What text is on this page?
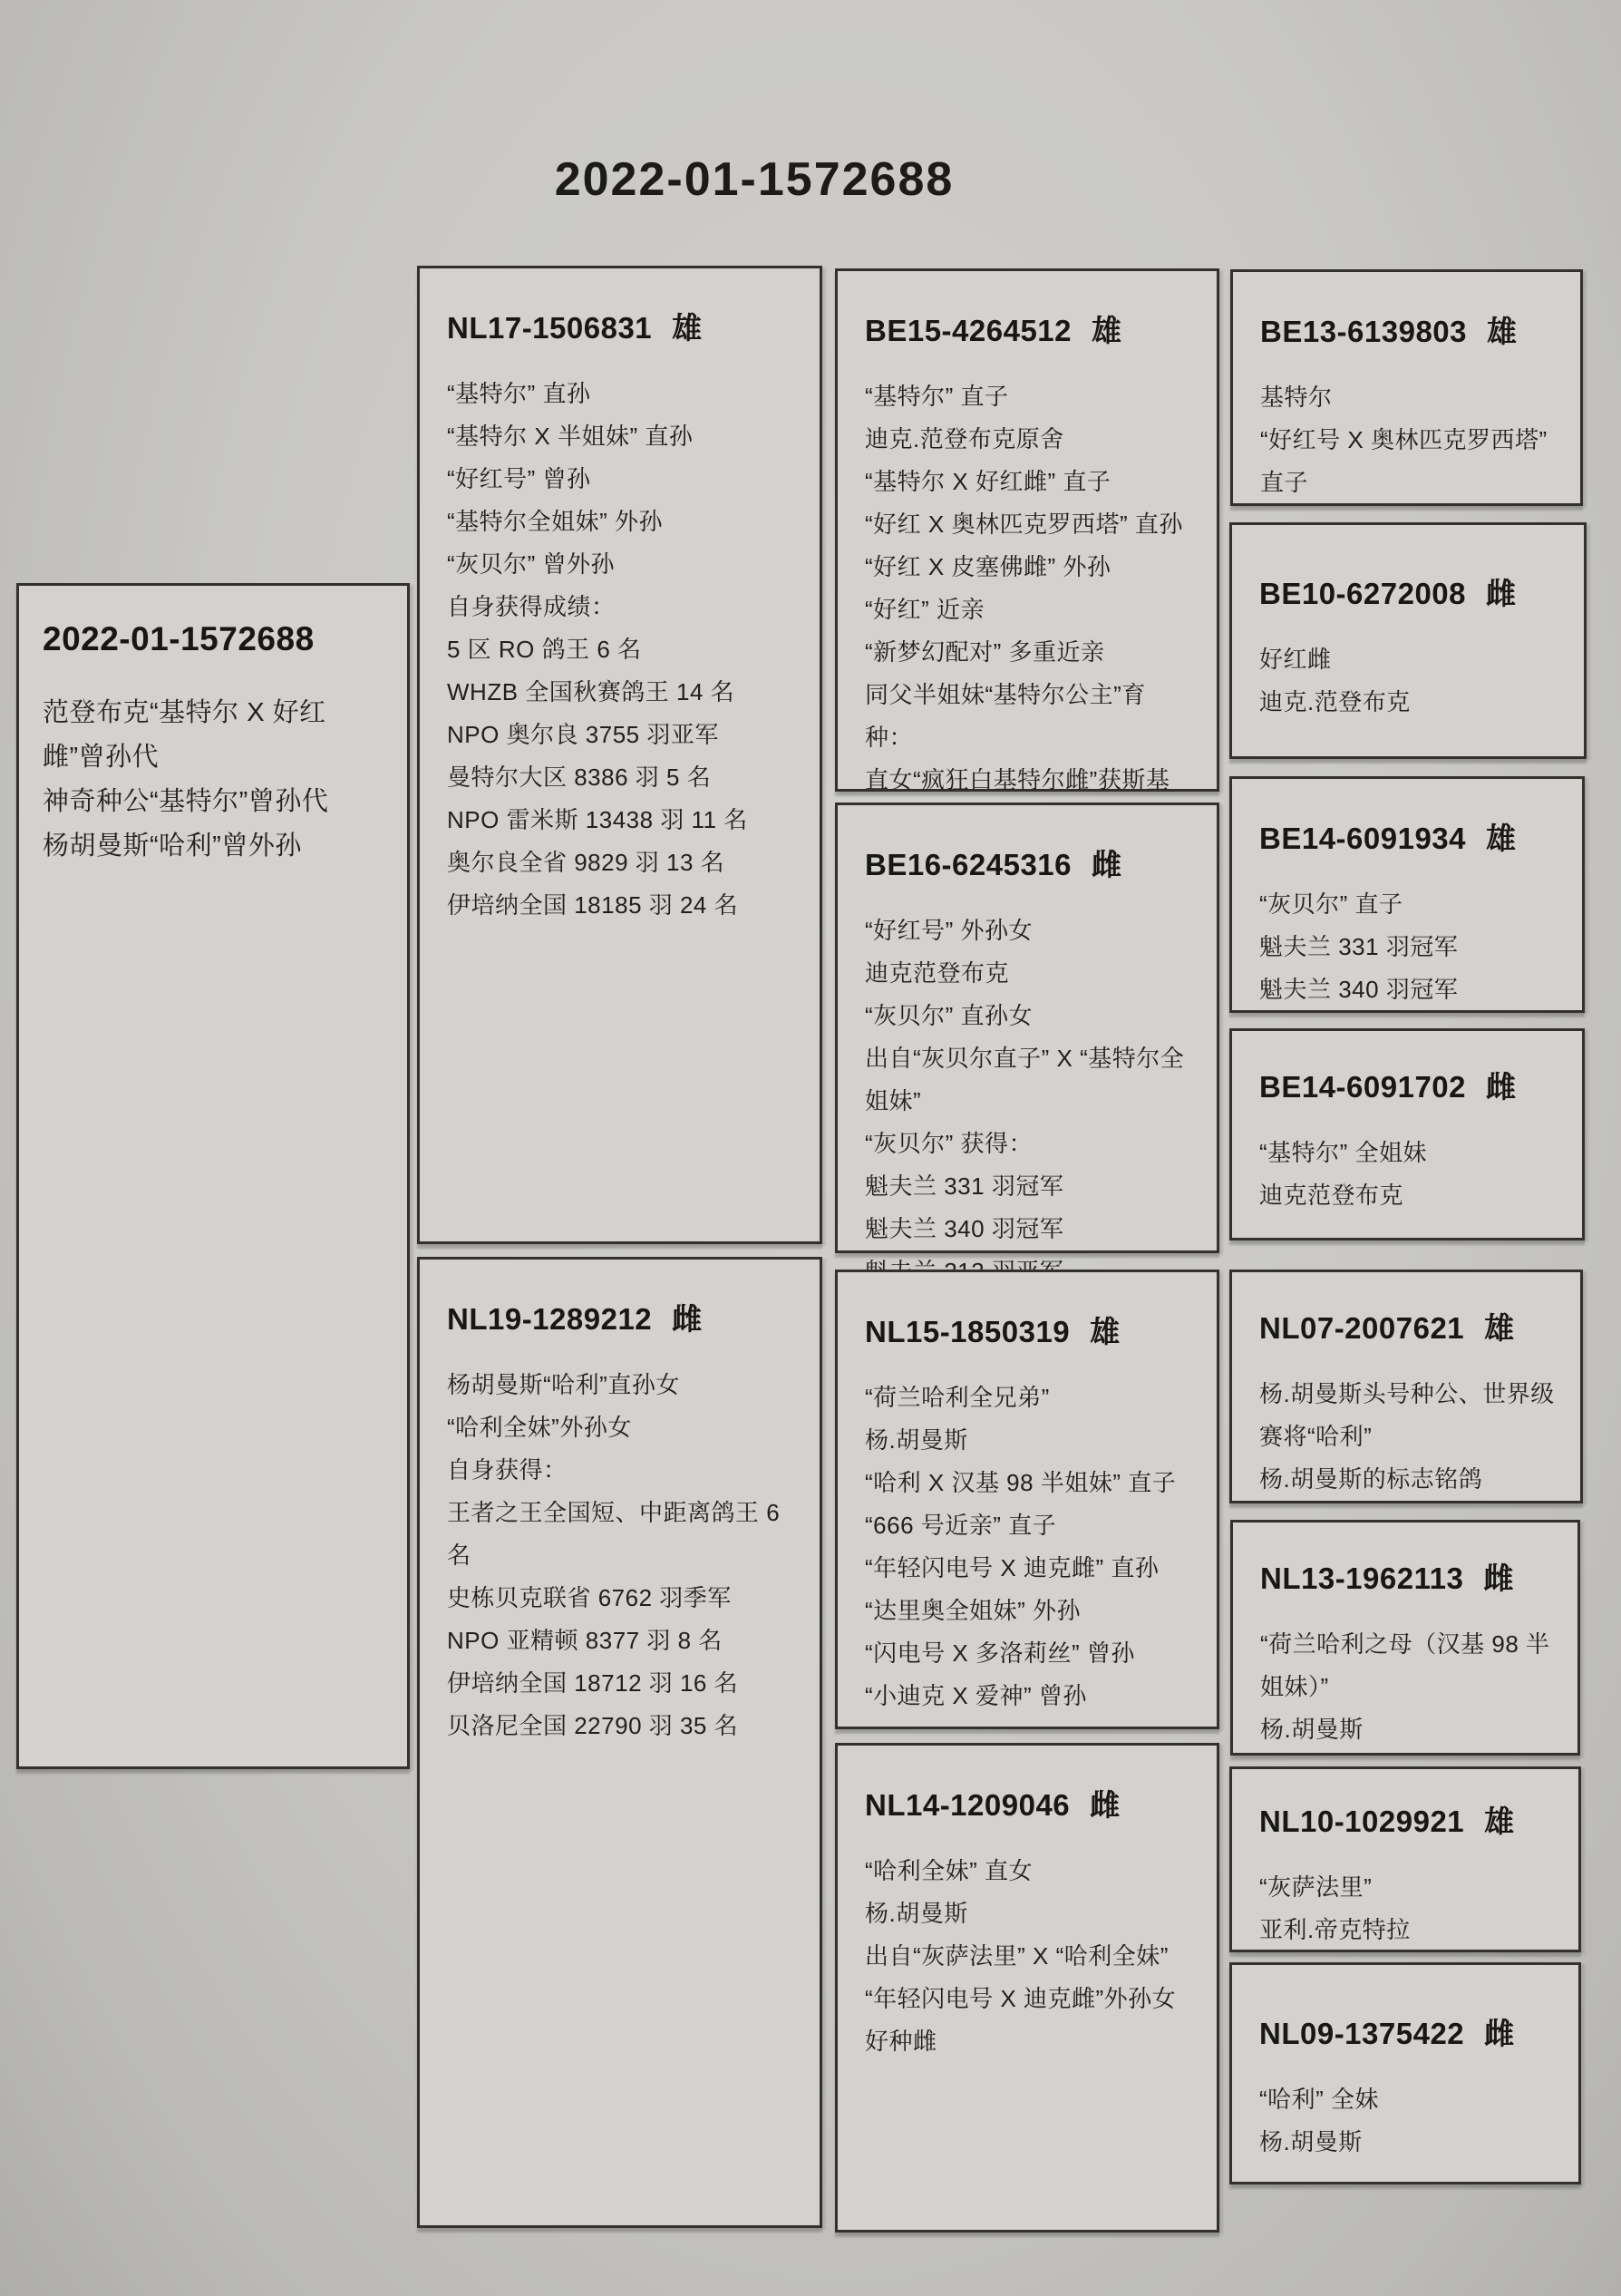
2022-01-1572688
2022-01-1572688
范登布克“基特尔 X 好红雌”曾孙代
神奇种公“基特尔”曾孙代
杨胡曼斯“哈利”曾外孙
NL17-1506831 雄
“基特尔” 直孙
“基特尔 X 半姐妹” 直孙
“好红号” 曾孙
“基特尔全姐妹” 外孙
“灰贝尔” 曾外孙
自身获得成绩：
5 区 RO 鸽王 6 名
WHZB 全国秋赛鸽王 14 名
NPO 奥尔良 3755 羽亚军
曼特尔大区 8386 羽 5 名
NPO 雷米斯 13438 羽 11 名
奥尔良全省 9829 羽 13 名
伊培纳全国 18185 羽 24 名
NL19-1289212 雌
杨胡曼斯“哈利”直孙女
“哈利全妹”外孙女
自身获得：
王者之王全国短、中距离鸽王 6 名
史栋贝克联省 6762 羽季军
NPO 亚精顿 8377 羽 8 名
伊培纳全国 18712 羽 16 名
贝洛尼全国 22790 羽 35 名
BE15-4264512 雄
“基特尔” 直子
迪克.范登布克原舍
“基特尔 X 好红雌” 直子
“好红 X 奥林匹克罗西塔” 直孙
“好红 X 皮塞佛雌” 外孙
“好红” 近亲
“新梦幻配对” 多重近亲
同父半姐妹“基特尔公主”育种：
直女“疯狂白基特尔雌”获斯基
BE16-6245316 雌
“好红号” 外孙女
迪克范登布克
“灰贝尔” 直孙女
出自“灰贝尔直子” X “基特尔全姐妹”
“灰贝尔” 获得：
魁夫兰 331 羽冠军
魁夫兰 340 羽冠军
NL15-1850319 雄
“荷兰哈利全兄弟”
杨.胡曼斯
“哈利 X 汉基 98 半姐妹” 直子
“666 号近亲” 直子
“年轻闪电号 X 迪克雌” 直孙
“达里奥全姐妹” 外孙
“闪电号 X 多洛莉丝” 曾孙
“小迪克 X 爱神” 曾孙
NL14-1209046 雌
“哈利全妹” 直女
杨.胡曼斯
出自“灰萨法里” X “哈利全妹”
“年轻闪电号 X 迪克雌”外孙女
好种雌
BE13-6139803 雄
基特尔
“好红号 X 奥林匹克罗西塔”
直子
BE10-6272008 雌
好红雌
迪克.范登布克
BE14-6091934 雄
“灰贝尔” 直子
魁夫兰 331 羽冠军
魁夫兰 340 羽冠军
BE14-6091702 雌
“基特尔” 全姐妹
迪克范登布克
NL07-2007621 雄
杨.胡曼斯头号种公、世界级赛将“哈利”
杨.胡曼斯的标志铭鸽
NL13-1962113 雌
“荷兰哈利之母（汉基 98 半姐妹）”
杨.胡曼斯
NL10-1029921 雄
“灰萨法里”
亚利.帝克特拉
NL09-1375422 雌
“哈利” 全妹
杨.胡曼斯
